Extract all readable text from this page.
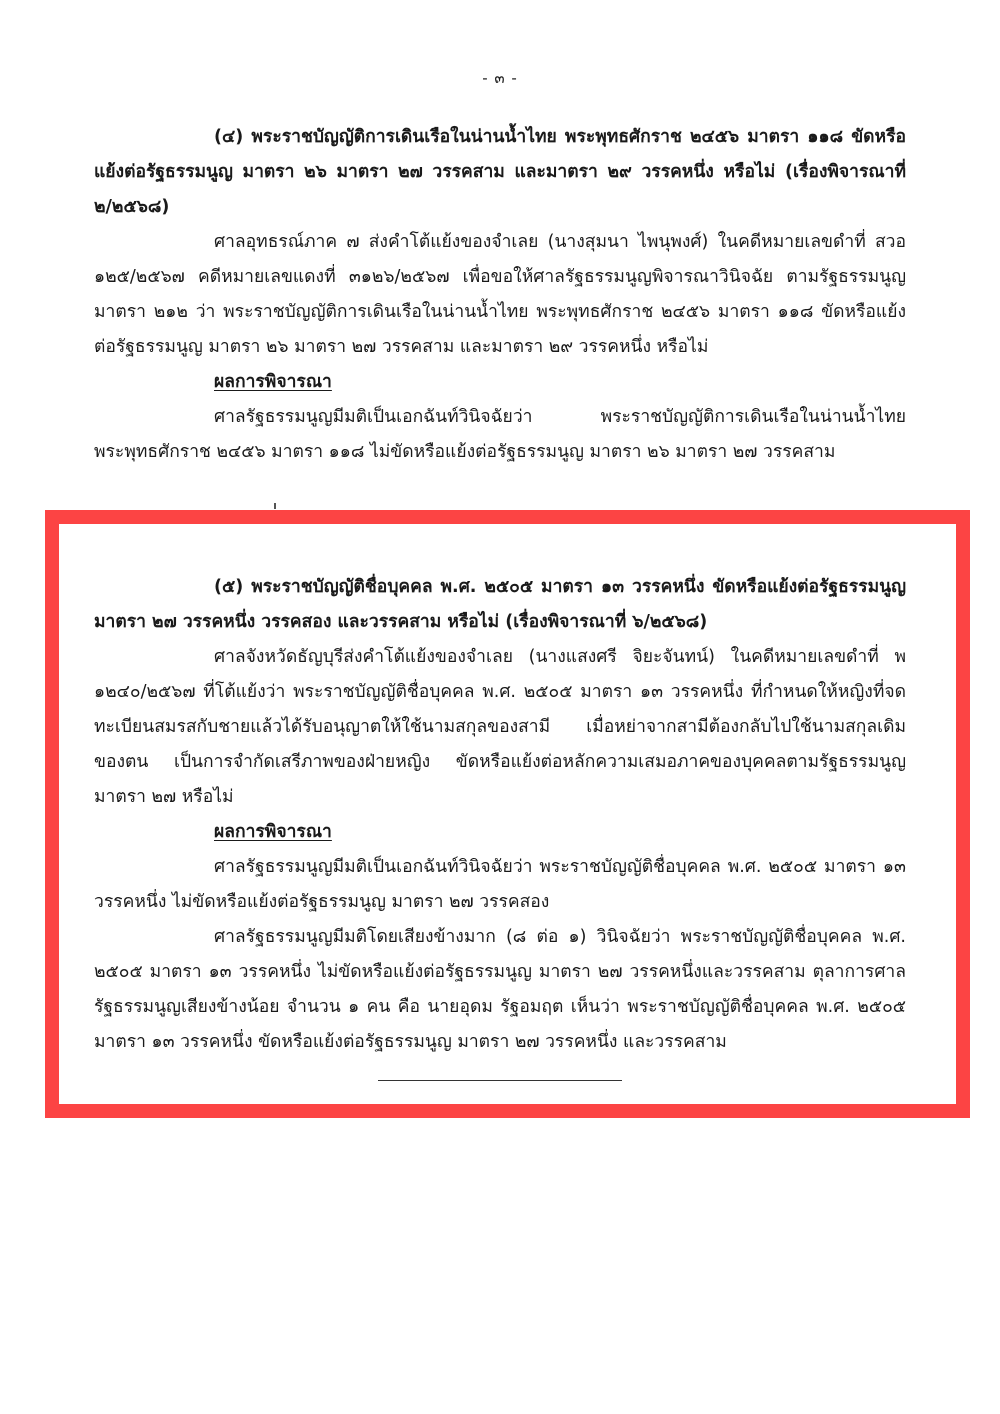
- ๓ -

(๔) พระราชบัญญัติการเดินเรือในน่านน้ำไทย พระพุทธศักราช ๒๔๕๖ มาตรา ๑๑๘ ขัดหรือแย้งต่อรัฐธรรมนูญ มาตรา ๒๖ มาตรา ๒๗ วรรคสาม และมาตรา ๒๙ วรรคหนึ่ง หรือไม่ (เรื่องพิจารณาที่ ๒/๒๕๖๘)

ศาลอุทธรณ์ภาค ๗ ส่งคำโต้แย้งของจำเลย (นางสุมนา ไพนุพงศ์) ในคดีหมายเลขดำที่ สวอ ๑๒๕/๒๕๖๗ คดีหมายเลขแดงที่ ๓๑๒๖/๒๕๖๗ เพื่อขอให้ศาลรัฐธรรมนูญพิจารณาวินิจฉัย ตามรัฐธรรมนูญ มาตรา ๒๑๒ ว่า พระราชบัญญัติการเดินเรือในน่านน้ำไทย พระพุทธศักราช ๒๔๕๖ มาตรา ๑๑๘ ขัดหรือแย้งต่อรัฐธรรมนูญ มาตรา ๒๖ มาตรา ๒๗ วรรคสาม และมาตรา ๒๙ วรรคหนึ่ง หรือไม่

ผลการพิจารณา

ศาลรัฐธรรมนูญมีมติเป็นเอกฉันท์วินิจฉัยว่า พระราชบัญญัติการเดินเรือในน่านน้ำไทย พระพุทธศักราช ๒๔๕๖ มาตรา ๑๑๘ ไม่ขัดหรือแย้งต่อรัฐธรรมนูญ มาตรา ๒๖ มาตรา ๒๗ วรรคสาม

(๕) พระราชบัญญัติชื่อบุคคล พ.ศ. ๒๕๐๕ มาตรา ๑๓ วรรคหนึ่ง ขัดหรือแย้งต่อรัฐธรรมนูญ มาตรา ๒๗ วรรคหนึ่ง วรรคสอง และวรรคสาม หรือไม่ (เรื่องพิจารณาที่ ๖/๒๕๖๘)

ศาลจังหวัดธัญบุรีส่งคำโต้แย้งของจำเลย (นางแสงศรี จิยะจันทน์) ในคดีหมายเลขดำที่ พ ๑๒๔๐/๒๕๖๗ ที่โต้แย้งว่า พระราชบัญญัติชื่อบุคคล พ.ศ. ๒๕๐๕ มาตรา ๑๓ วรรคหนึ่ง ที่กำหนดให้หญิงที่จดทะเบียนสมรสกับชายแล้วได้รับอนุญาตให้ใช้นามสกุลของสามี เมื่อหย่าจากสามีต้องกลับไปใช้นามสกุลเดิมของตน เป็นการจำกัดเสรีภาพของฝ่ายหญิง ขัดหรือแย้งต่อหลักความเสมอภาคของบุคคลตามรัฐธรรมนูญ มาตรา ๒๗ หรือไม่

ผลการพิจารณา

ศาลรัฐธรรมนูญมีมติเป็นเอกฉันท์วินิจฉัยว่า พระราชบัญญัติชื่อบุคคล พ.ศ. ๒๕๐๕ มาตรา ๑๓ วรรคหนึ่ง ไม่ขัดหรือแย้งต่อรัฐธรรมนูญ มาตรา ๒๗ วรรคสอง

ศาลรัฐธรรมนูญมีมติโดยเสียงข้างมาก (๘ ต่อ ๑) วินิจฉัยว่า พระราชบัญญัติชื่อบุคคล พ.ศ. ๒๕๐๕ มาตรา ๑๓ วรรคหนึ่ง ไม่ขัดหรือแย้งต่อรัฐธรรมนูญ มาตรา ๒๗ วรรคหนึ่งและวรรคสาม ตุลาการศาลรัฐธรรมนูญเสียงข้างน้อย จำนวน ๑ คน คือ นายอุดม รัฐอมฤต เห็นว่า พระราชบัญญัติชื่อบุคคล พ.ศ. ๒๕๐๕ มาตรา ๑๓ วรรคหนึ่ง ขัดหรือแย้งต่อรัฐธรรมนูญ มาตรา ๒๗ วรรคหนึ่ง และวรรคสาม
